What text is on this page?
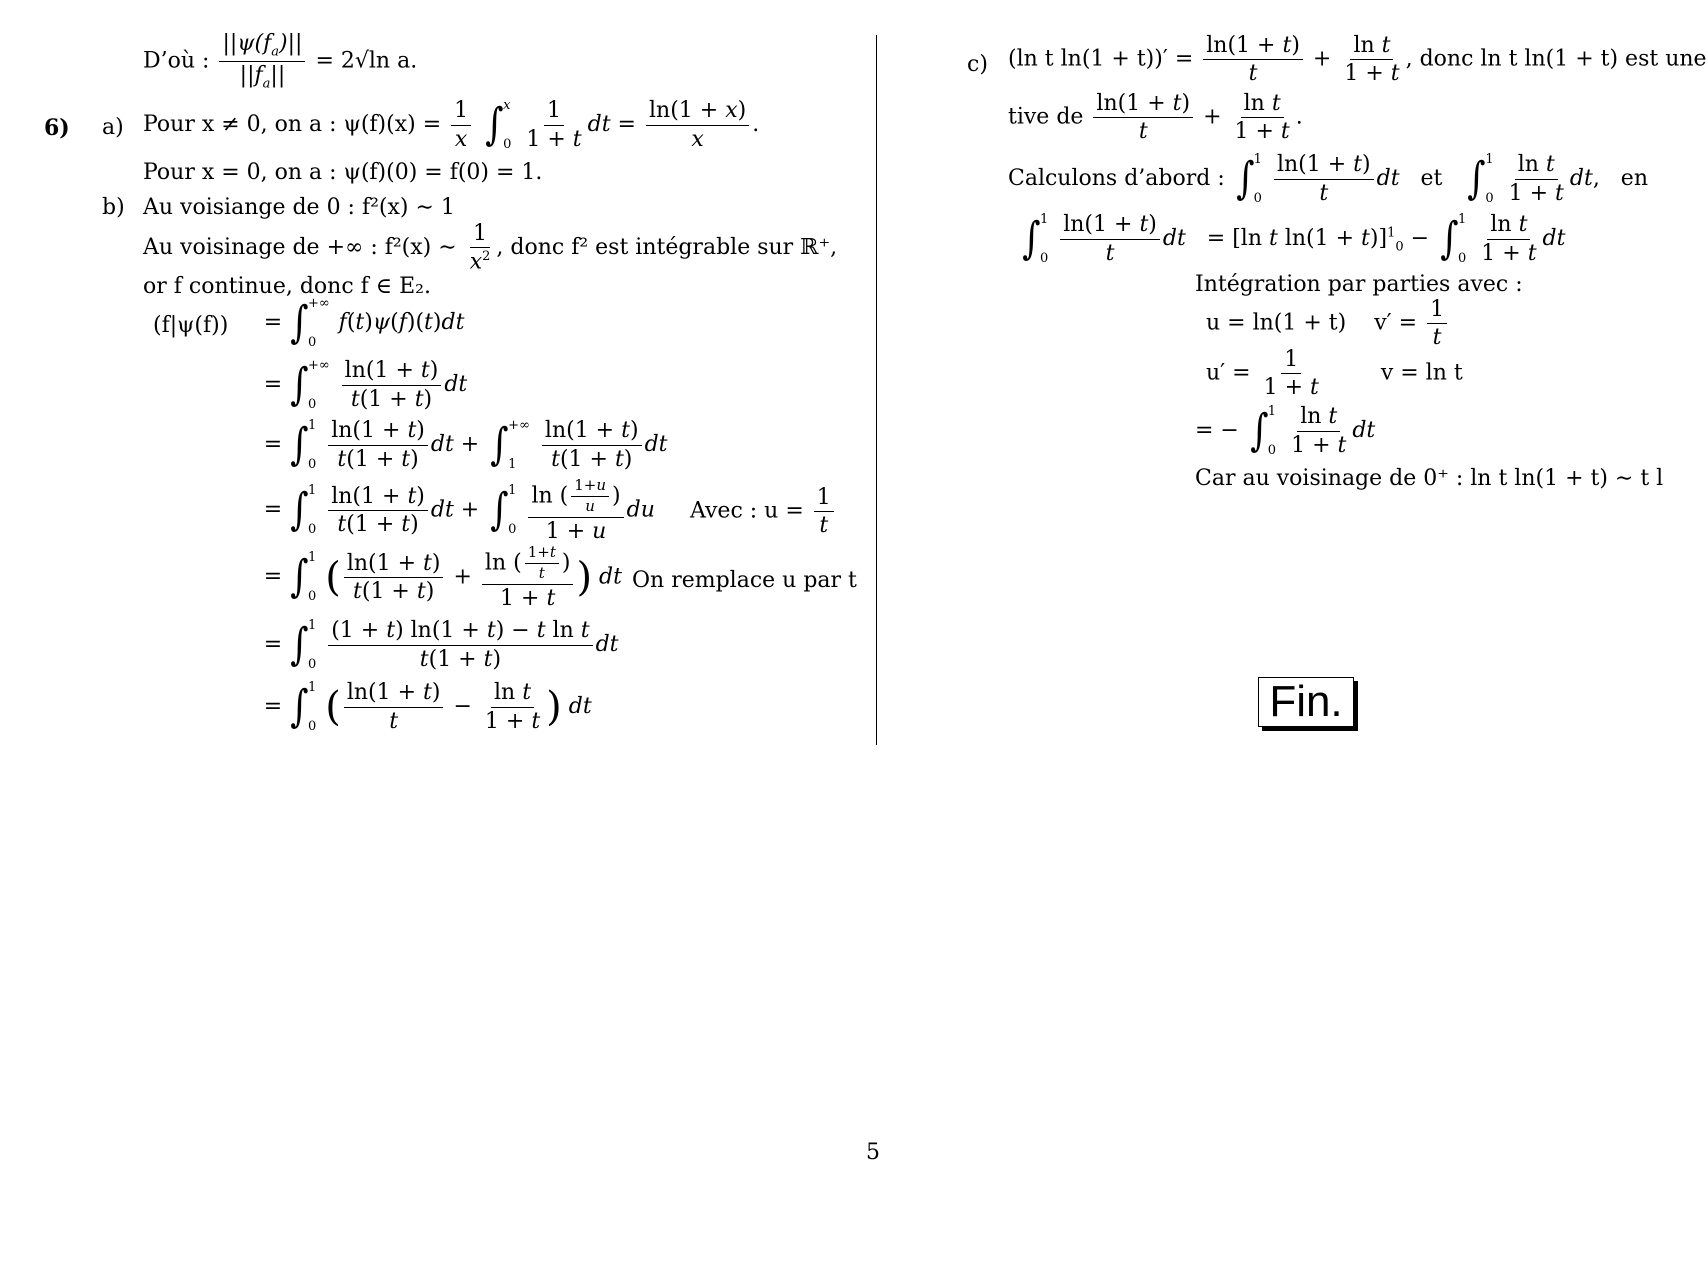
D’où : $\frac{||\psi(f_a)||}{||f_a||} = 2√\ln$ a.
6) a) Pour x ≠ 0, on a : $\psi(f)(x) = \frac{1}{x}$
∫ x
0
$\frac{1}{1 + t}$ dt = $\frac{\ln(1 + x)}{x}$ .
Pour x = 0, on a : ψ(f)(0) = f(0) = 1.
b) Au voisiange de 0 : f²(x) ∼ 1
Au voisinage de +∞ : f²(x) ∼ $\frac{1}{x^2}$ , donc f² est intégrable sur ℝ⁺,
or f continue, donc f ∈ E₂.
(f|ψ(f)) = ∫ +∞
0
f(t)ψ(f)(t)dt
= ∫ +∞
0
	$\frac{\ln(1 + t)}{t(1 + t)}$ dt
= ∫ 1
0
$\frac{\ln(1 + t)}{t(1 + t)}$ dt + ∫ +∞
1
	$\frac{\ln(1 + t)}{t(1 + t)}$ dt
= ∫ 1
0
$\frac{\ln(1 + t)}{t(1 + t)}$ dt + ∫ 1
0
$\frac{\ln ( \frac{1+u}{u} )}{1 + u}$ du Avec : $u = \frac{1}{t}$
= ∫ 1
0 ( $\frac{\ln(1 + t)}{t(1 + t)} + \frac{\ln ( \frac{1+t}{t} )}{1 + t}$ ) dt On remplace u par t
= ∫ 1
0
$\frac{\text{(1 + t) ln(1 + t) − t ln t}}{t(1 + t)}$ dt
= ∫ 1
0 ( $\frac{\ln(1 + t)}{t} - \frac{\text{ln t}}{1 + t}$ ) dt
c) (ln t $\ln(1 + t))' = \frac{\ln(1 + t)}{t} + \frac{\text{ln t}}{1 + t}$ , donc ln t ln(1 + t) est une
tive de $\frac{\ln(1 + t)}{t} + \frac{\text{ln t}}{1 + t}$ .
Calculons d’abord : ∫ 1
0
$\frac{\ln(1 + t)}{t}$ dt et ∫ 1
0
$\frac{\text{ln t}}{1 + t}$ dt,   en
∫ 1
0
$\frac{\ln(1 + t)}{t}$ dt   = [ln t ln(1 + t)]$^1_0$ − ∫ 1
0
$\frac{\text{ln t}}{1 + t}$ dt
Intégration par parties avec :
u = ln(1 + t) $v' = \frac{1}{t}$
$u' = \frac{1}{1 + t}$	v = ln t
= − ∫ 1
0
$\frac{\text{ln t}}{1 + t}$ dt
Car au voisinage de 0⁺ : ln t ln(1 + t) ∼ t l
Fin.
5
